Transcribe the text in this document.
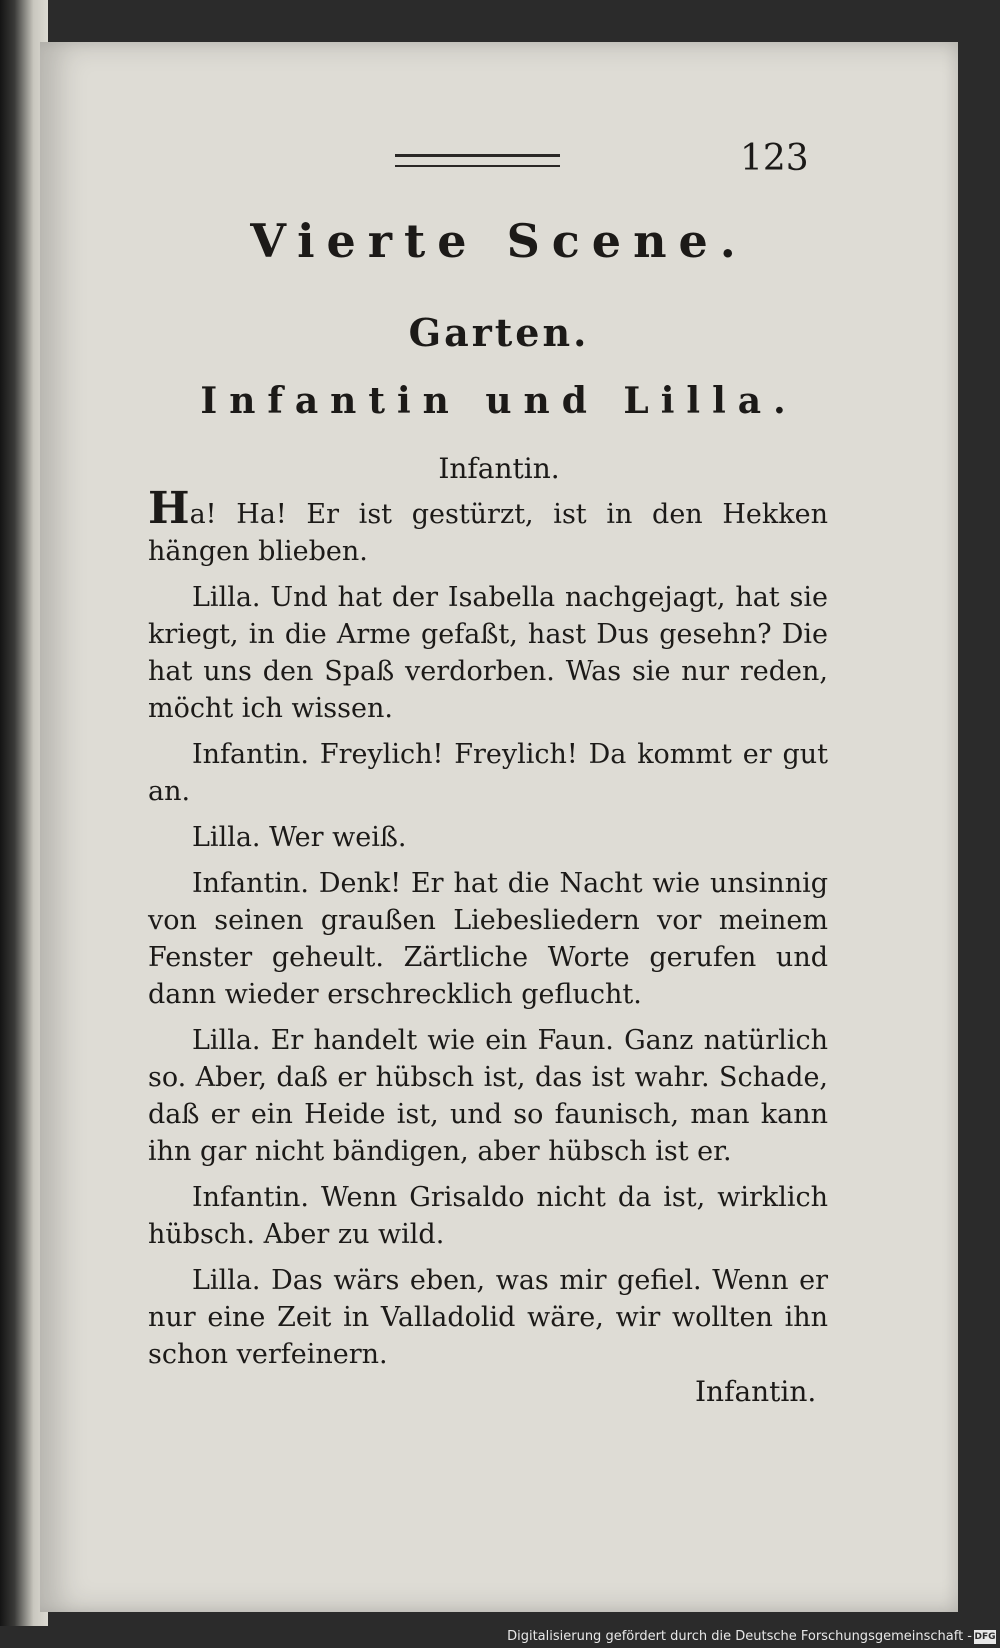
123
Vierte Scene.
Garten.
Infantin und Lilla.
Infantin.

Ha! Ha! Er ist gestürzt, ist in den Hekken hängen blieben.

Lilla. Und hat der Isabella nachgejagt, hat sie kriegt, in die Arme gefaßt, hast Dus gesehn? Die hat uns den Spaß verdorben. Was sie nur reden, möcht ich wissen.

Infantin. Freylich! Freylich! Da kommt er gut an.

Lilla. Wer weiß.

Infantin. Denk! Er hat die Nacht wie unsinnig von seinen graußen Liebesliedern vor meinem Fenster geheult. Zärtliche Worte gerufen und dann wieder erschrecklich geflucht.

Lilla. Er handelt wie ein Faun. Ganz natürlich so. Aber, daß er hübsch ist, das ist wahr. Schade, daß er ein Heide ist, und so faunisch, man kann ihn gar nicht bändigen, aber hübsch ist er.

Infantin. Wenn Grisaldo nicht da ist, wirklich hübsch. Aber zu wild.

Lilla. Das wärs eben, was mir gefiel. Wenn er nur eine Zeit in Valladolid wäre, wir wollten ihn schon verfeinern.

Infantin.
Digitalisierung gefördert durch die Deutsche Forschungsgemeinschaft - DFG
